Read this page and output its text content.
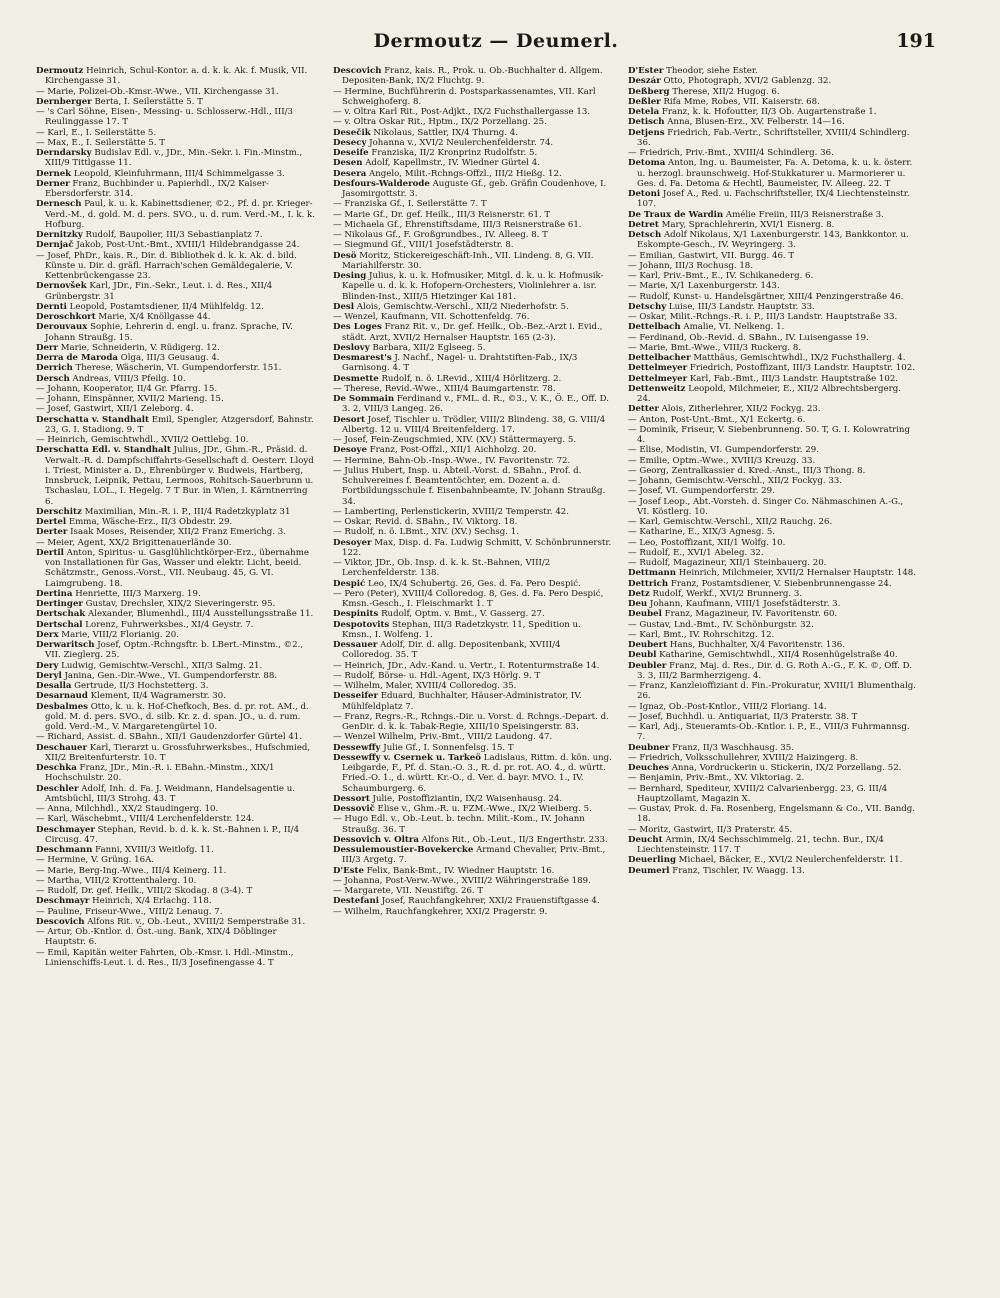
Dermoutz — Deumerl.	191

Dermoutz Heinrich, Schul-Kontor. a. d. k. k. Ak. f. Musik, VII. Kirchengasse 31.

— Marie, Polizei-Ob.-Kmsr.-Wwe., VII. Kirchengasse 31.

Dernberger Berta, I. Seilerstätte 5. T

— 's Carl Söhne, Eisen-, Messing- u. Schlosserw.-Hdl., III/3 Reulinggasse 17. T

— Karl, E., I. Seilerstätte 5.

— Max, E., I. Seilerstätte 5. T

Derndarsky Budislav Edl. v., JDr., Min.-Sekr. i. Fin.-Minstm., XIII/9 Tittlgasse 11.

Dernek Leopold, Kleinfuhrmann, III/4 Schimmelgasse 3.

Derner Franz, Buchbinder u. Papierhdl., IX/2 Kaiser-Ebersdorferstr. 314.

Dernesch Paul, k. u. k. Kabinettsdiener, ©2., Pf. d. pr. Krieger-Verd.-M., d. gold. M. d. pers. SVO., u. d. rum. Verd.-M., I. k. k. Hofburg.

Dernitzky Rudolf, Baupolier, III/3 Sebastianplatz 7.

Dernjač Jakob, Post-Unt.-Bmt., XVIII/1 Hildebrandgasse 24.

— Josef, PhDr., kais. R., Dir. d. Bibliothek d. k. k. Ak. d. bild. Künste u. Dir. d. gräfl. Harrach'schen Gemäldegalerie, V. Kettenbrückengasse 23.

Dernovšek Karl, JDr., Fin.-Sekr., Leut. i. d. Res., XII/4 Grünbergstr. 31

Dernti Leopold, Postamtsdiener, II/4 Mühlfeldg. 12.

Deroschkort Marie, X/4 Knöllgasse 44.

Derouvaux Sophie, Lehrerin d. engl. u. franz. Sprache, IV. Johann Straußg. 15.

Derr Marie, Schneiderin, V. Rüdigerg. 12.

Derra de Maroda Olga, III/3 Geusaug. 4.

Derrich Therese, Wäscherin, VI. Gumpendorferstr. 151.

Dersch Andreas, VIII/3 Pfeilg. 10.

— Johann, Kooperator, II/4 Gr. Pfarrg. 15.

— Johann, Einspänner, XVII/2 Marieng. 15.

— Josef, Gastwirt, XII/1 Zeleborg. 4.

Derschatta v. Standhalt Emil, Spengler, Atzgersdorf, Bahnstr. 23, G. I. Stadiong. 9. T

— Heinrich, Gemischtwhdl., XVII/2 Oettlebg. 10.

Derschatta Edl. v. Standhalt Julius, JDr., Ghm.-R., Präsid. d. Verwalt.-R. d. Dampfschiffahrts-Gesellschaft d. Oesterr. Lloyd i. Triest, Minister a. D., Ehrenbürger v. Budweis, Hartberg, Innsbruck, Leipnik, Pettau, Lermoos, Rohitsch-Sauerbrunn u. Tschaslau, LOL., I. Hegelg. 7 T Bur. in Wien, I. Kärntnerring 6.

Derschitz Maximilian, Min.-R. i. P., III/4 Radetzkyplatz 31

Dertel Emma, Wäsche-Erz., II/3 Obdestr. 29.

Derter Isaak Moses, Reisender, XII/2 Franz Emerichg. 3.

— Meier, Agent, XX/2 Brigittenauerlände 30.

Dertil Anton, Spiritus- u. Gasglühlichtkörper-Erz., übernahme von Installationen für Gas, Wasser und elektr. Licht, beeid. Schätzmstr., Genoss.-Vorst., VII. Neubaug. 45, G. VI. Laimgrubeng. 18.

Dertina Henriette, III/3 Marxerg. 19.

Dertinger Gustav, Drechsler, XIX/2 Sieveringerstr. 95.

Dertschak Alexander, Blumenhdl., III/4 Ausstellungsstraße 11.

Dertschal Lorenz, Fuhrwerksbes., XI/4 Geystr. 7.

Derx Marie, VIII/2 Florianig. 20.

Derwaritsch Josef, Optm.-Rchngsftr. b. LBert.-Minstm., ©2., VII. Zieglerg. 25.

Dery Ludwig, Gemischtw.-Verschl., XII/3 Salmg. 21.

Deryl Janina, Gen.-Dir.-Wwe., VI. Gumpendorferstr. 88.

Desalla Gertrude, II/3 Hochstetterg. 3.

Desarnaud Klement, II/4 Wagramerstr. 30.

Desbalmes Otto, k. u. k. Hof-Chefkoch, Bes. d. pr. rot. AM., d. gold. M. d. pers. SVO., d. silb. Kr. z. d. span. JO., u. d. rum. gold. Verd.-M., V. Margaretengürtel 10.

— Richard, Assist. d. SBahn., XII/1 Gaudenzdorfer Gürtel 41.

Deschauer Karl, Tierarzt u. Grossfuhrwerksbes., Hufschmied, XII/2 Breitenfurterstr. 10. T

Deschka Franz, JDr., Min.-R. i. EBahn.-Minstm., XIX/1 Hochschulstr. 20.

Deschler Adolf, Inh. d. Fa. J. Weidmann, Handelsagentie u. Amtsbüchl, III/3 Strohg. 43. T

— Anna, Milchhdl., XX/2 Staudingerg. 10.

— Karl, Wäschebmt., VIII/4 Lerchenfelderstr. 124.

Deschmayer Stephan, Revid. b. d. k. k. St.-Bahnen i. P., II/4 Circusg. 47.

Deschmann Fanni, XVIII/3 Weitlofg. 11.

— Hermine, V. Grüng. 16A.

— Marie, Berg-Ing.-Wwe., III/4 Keinerg. 11.

— Martha, VIII/2 Krottenthalerg. 10.

— Rudolf, Dr. gef. Heilk., VIII/2 Skodag. 8 (3-4). T

Deschmayr Heinrich, X/4 Erlachg. 118.

— Pauline, Friseur-Wwe., VIII/2 Lenaug. 7.

Descovich Alfons Rit. v., Ob.-Leut., XVIII/2 Semperstraße 31.

— Artur, Ob.-Kntlor. d. Öst.-ung. Bank, XIX/4 Döblinger Hauptstr. 6.

— Emil, Kapitän weiter Fahrten, Ob.-Kmsr. i. Hdl.-Minstm., Linienschiffs-Leut. i. d. Res., II/3 Josefinengasse 4. T

Descovich Franz, kais. R., Prok. u. Ob.-Buchhalter d. Allgem. Depositen-Bank, IX/2 Fluchtg. 9.

— Hermine, Buchführerin d. Postsparkassenamtes, VII. Karl Schweighoferg. 8.

— v. Oltra Karl Rit., Post-Adjkt., IX/2 Fuchsthallergasse 13.

— v. Oltra Oskar Rit., Hptm., IX/2 Porzellang. 25.

Desečik Nikolaus, Sattler, IX/4 Thurng. 4.

Desecy Johanna v., XVI/2 Neulerchenfelderstr. 74.

Deseife Franziska, II/2 Kronprinz Rudolfstr. 5.

Desen Adolf, Kapellmstr., IV. Wiedner Gürtel 4.

Desera Angelo, Milit.-Rchngs-Offzl., III/2 Hießg. 12.

Desfours-Walderode Auguste Gf., geb. Gräfin Coudenhove, I. Jasomirgottstr. 3.

— Franziska Gf., I. Seilerstätte 7. T

— Marie Gf., Dr. gef. Heilk., III/3 Reisnerstr. 61. T

— Michaela Gf., Ehrenstiftsdame, III/3 Reisnerstraße 61.

— Nikolaus Gf., F. Großgrundbes., IV. Alleeg. 8. T

— Siegmund Gf., VIII/1 Josefstädterstr. 8.

Desö Moritz, Stickereigeschäft-Inh., VII. Lindeng. 8, G. VII. Mariahilferstr. 30.

Desing Julius, k. u. k. Hofmusiker, Mitgl. d. k. u. k. Hofmusik-Kapelle u. d. k. k. Hofopern-Orchesters, Violinlehrer a. isr. Blinden-Inst., XIII/5 Hietzinger Kai 181.

Desl Alois, Gemischtw.-Verschl., XII/2 Niederhofstr. 5.

— Wenzel, Kaufmann, VII. Schottenfeldg. 76.

Des Loges Franz Rit. v., Dr. gef. Heilk., Ob.-Bez.-Arzt i. Evid., städt. Arzt, XVII/2 Hernalser Hauptstr. 165 (2-3).

Deslovy Barbara, XII/2 Eglseeg. 5.

Desmarest's J. Nachf., Nagel- u. Drahtstiften-Fab., IX/3 Garnisong. 4. T

Desmette Rudolf, n. ö. LRevid., XIII/4 Hörlitzerg. 2.

— Therese, Revid.-Wwe., XIII/4 Baumgartenstr. 78.

De Sommain Ferdinand v., FML. d. R., ©3., V. K., Ö. E., Off. D. 3. 2, VIII/3 Langeg. 26.

Desort Josef, Tischler u. Trödler, VIII/2 Blindeng. 38, G. VIII/4 Albertg. 12 u. VIII/4 Breitenfelderg. 17.

— Josef, Fein-Zeugschmied, XIV. (XV.) Stättermayerg. 5.

Desoye Franz, Post-Offzl., XII/1 Aichholzg. 20.

— Hermine, Bahn-Ob.-Insp.-Wwe., IV. Favoritenstr. 72.

— Julius Hubert, Insp. u. Abteil.-Vorst. d. SBahn., Prof. d. Schulvereines f. Beamtentöchter, em. Dozent a. d. Fortbildungsschule f. Eisenbahnbeamte, IV. Johann Straußg. 34.

— Lamberting, Perlenstickerin, XVIII/2 Temperstr. 42.

— Oskar, Revid. d. SBahn., IV. Viktorg. 18.

— Rudolf, n. ö. LBmt., XIV. (XV.) Sechsg. 1.

Desoyer Max, Disp. d. Fa. Ludwig Schmitt, V. Schönbrunnerstr. 122.

— Viktor, JDr., Ob. Insp. d. k. k. St.-Bahnen, VIII/2 Lerchenfelderstr. 138.

Despić Leo, IX/4 Schubertg. 26, Ges. d. Fa. Pero Despić.

— Pero (Peter), XVIII/4 Colloredog. 8, Ges. d. Fa. Pero Despić, Kmsn.-Gesch., I. Fleischmarkt 1. T

Despinits Rudolf, Optm. v. Bmt., V. Gasserg. 27.

Despotovits Stephan, III/3 Radetzkystr. 11, Spedition u. Kmsn., I. Wolfeng. 1.

Dessauer Adolf, Dir. d. allg. Depositenbank, XVIII/4 Colloredog. 35. T

— Heinrich, JDr., Adv.-Kand. u. Vertr., I. Rotenturmstraße 14.

— Rudolf, Börse- u. Hdl.-Agent, IX/3 Hörlg. 9. T

— Wilhelm, Maler, XVIII/4 Colloredog. 35.

Desseifer Eduard, Buchhalter, Häuser-Administrator, IV. Mühlfeldplatz 7.

— Franz, Regrs.-R., Rchngs.-Dir. u. Vorst. d. Rchngs.-Depart. d. GenDir. d. k. k. Tabak-Regie, XIII/10 Speisingerstr. 83.

— Wenzel Wilhelm, Priv.-Bmt., VIII/2 Laudong. 47.

Dessewffy Julie Gf., I. Sonnenfelsg. 15. T

Dessewffy v. Csernek u. Tarkeö Ladislaus, Rittm. d. kön. ung. Leibgarde, F., Pf. d. Stan.-O. 3., R. d. pr. rot. AO. 4., d. württ. Fried.-O. 1., d. württ. Kr.-O., d. Ver. d. bayr. MVO. 1., IV. Schaumburgerg. 6.

Dessort Julie, Postoffiziantin, IX/2 Waisenhausg. 24.

Dessovič Elise v., Ghm.-R. u. FZM.-Wwe., IX/2 Wieiberg. 5.

— Hugo Edl. v., Ob.-Leut. b. techn. Milit.-Kom., IV. Johann Straußg. 36. T

Dessovich v. Oltra Alfons Rit., Ob.-Leut., II/3 Engerthstr. 233.

Dessulemoustier-Bovekercke Armand Chevalier, Priv.-Bmt., III/3 Argetg. 7.

D'Este Felix, Bank-Bmt., IV. Wiedner Hauptstr. 16.

— Johanna, Post-Verw.-Wwe., XVIII/2 Währingerstraße 189.

— Margarete, VII. Neustiftg. 26. T

Destefani Josef, Rauchfangkehrer, XXI/2 Frauenstiftgasse 4.

— Wilhelm, Rauchfangkehrer, XXI/2 Pragerstr. 9.

D'Ester Theodor, siehe Ester.

Deszár Otto, Photograph, XVI/2 Gablenzg. 32.

Deßberg Therese, XII/2 Hugog. 6.

Deßler Rifa Mme, Robes, VII. Kaiserstr. 68.

Detela Franz, k. k. Hofoutter, II/3 Ob. Augartenstraße 1.

Detisch Anna, Blusen-Erz., XV. Felberstr. 14—16.

Detjens Friedrich, Fab.-Vertr., Schriftsteller, XVIII/4 Schindlerg. 36.

— Friedrich, Priv.-Bmt., XVIII/4 Schindlerg. 36.

Detoma Anton, Ing. u. Baumeister, Fa. A. Detoma, k. u. k. österr. u. herzogl. braunschweig. Hof-Stukkaturer u. Marmorierer u. Ges. d. Fa. Detoma & Hechtl, Baumeister, IV. Alleeg. 22. T

Detoni Josef A., Red. u. Fachschriftsteller, IX/4 Liechtensteinstr. 107.

De Traux de Wardin Amélie Freiin, III/3 Reisnerstraße 3.

Detret Mary, Sprachlehrerin, XVI/1 Eisnerg. 8.

Detsch Adolf Nikolaus, X/1 Laxenburgerstr. 143, Bankkontor. u. Eskompte-Gesch., IV. Weyringerg. 3.

— Emilian, Gastwirt, VII. Burgg. 46. T

— Johann, III/3 Rochusg. 18.

— Karl, Priv.-Bmt., E., IV. Schikanederg. 6.

— Marie, X/1 Laxenburgerstr. 143.

— Rudolf, Kunst- u. Handelsgärtner, XIII/4 Penzingerstraße 46.

Detschy Luise, III/3 Landstr. Hauptstr. 33.

— Oskar, Milit.-Rchngs.-R. i. P., III/3 Landstr. Hauptstraße 33.

Dettelbach Amalie, VI. Nelkeng. 1.

— Ferdinand, Ob.-Revid. d. SBahn., IV. Luisengasse 19.

— Marie, Bmt.-Wwe., VIII/3 Ruckerg. 8.

Dettelbacher Matthäus, Gemischtwhdl., IX/2 Fuchsthallerg. 4.

Dettelmeyer Friedrich, Postoffizant, III/3 Landstr. Hauptstr. 102.

Dettelmeyer Karl, Fab.-Bmt., III/3 Landstr. Hauptstraße 102.

Dettenweitz Leopold, Milchmeier, E., XII/2 Albrechtsbergerg. 24.

Detter Alois, Zitherlehrer, XII/2 Fockyg. 23.

— Anton, Post-Unt.-Bmt., X/1 Eckertg. 6.

— Dominik, Friseur, V. Siebenbrunneng. 50. T, G. I. Kolowratring 4.

— Elise, Modistin, VI. Gumpendorferstr. 29.

— Emilie, Optm.-Wwe., XVIII/3 Kreuzg. 33.

— Georg, Zentralkassier d. Kred.-Anst., III/3 Thong. 8.

— Johann, Gemischtw.-Verschl., XII/2 Fockyg. 33.

— Josef, VI. Gumpendorferstr. 29.

— Josef Leop., Abt.-Vorsteh. d. Singer Co. Nähmaschinen A.-G., VI. Köstlerg. 10.

— Karl, Gemischtw.-Verschl., XII/2 Rauchg. 26.

— Katharine, E., XIX/3 Agnesg. 5.

— Leo, Postoffizant, XII/1 Wolfg. 10.

— Rudolf, E., XVI/1 Abeleg. 32.

— Rudolf, Magazineur, XII/1 Steinbauerg. 20.

Dettmann Heinrich, Milchmeier, XVII/2 Hernalser Hauptstr. 148.

Dettrich Franz, Postamtsdiener, V. Siebenbrunnengasse 24.

Detz Rudolf, Werkf., XVI/2 Brunnerg. 3.

Deu Johann, Kaufmann, VIII/1 Josefstädterstr. 3.

Deubel Franz, Magazineur, IV. Favoritenstr. 60.

— Gustav, Lnd.-Bmt., IV. Schönburgstr. 32.

— Karl, Bmt., IV. Rohrschitzg. 12.

Deubert Hans, Buchhalter, X/4 Favoritenstr. 136.

Deubl Katharine, Gemischtwhdl., XII/4 Rosenhügelstraße 40.

Deubler Franz, Maj. d. Res., Dir. d. G. Roth A.-G., F. K. ©, Off. D. 3. 3, III/2 Barmherzigeng. 4.

— Franz, Kanzleioffiziant d. Fin.-Prokuratur, XVIII/1 Blumenthalg. 26.

— Ignaz, Ob.-Post-Kntlor., VIII/2 Floriang. 14.

— Josef, Buchhdl. u. Antiquariat, II/3 Praterstr. 38. T

— Karl, Adj., Steueramts-Ob.-Kntlor. i. P., E., VIII/3 Fuhrmannsg. 7.

Deubner Franz, II/3 Waschhausg. 35.

— Friedrich, Volksschullehrer, XVIII/2 Haizingerg. 8.

Deuches Anna, Vordruckerin u. Stickerin, IX/2 Porzellang. 52.

— Benjamin, Priv.-Bmt., XV. Viktoriag. 2.

— Bernhard, Spediteur, XVIII/2 Calvarienbergg. 23, G. III/4 Hauptzollamt, Magazin X.

— Gustav, Prok. d. Fa. Rosenberg, Engelsmann & Co., VII. Bandg. 18.

— Moritz, Gastwirt, II/3 Praterstr. 45.

Deucht Armin, IX/4 Sechsschimmelg. 21, techn. Bur., IX/4 Liechtensteinstr. 117. T

Deuerling Michael, Bäcker, E., XVI/2 Neulerchenfelderstr. 11.

Deumerl Franz, Tischler, IV. Waagg. 13.
